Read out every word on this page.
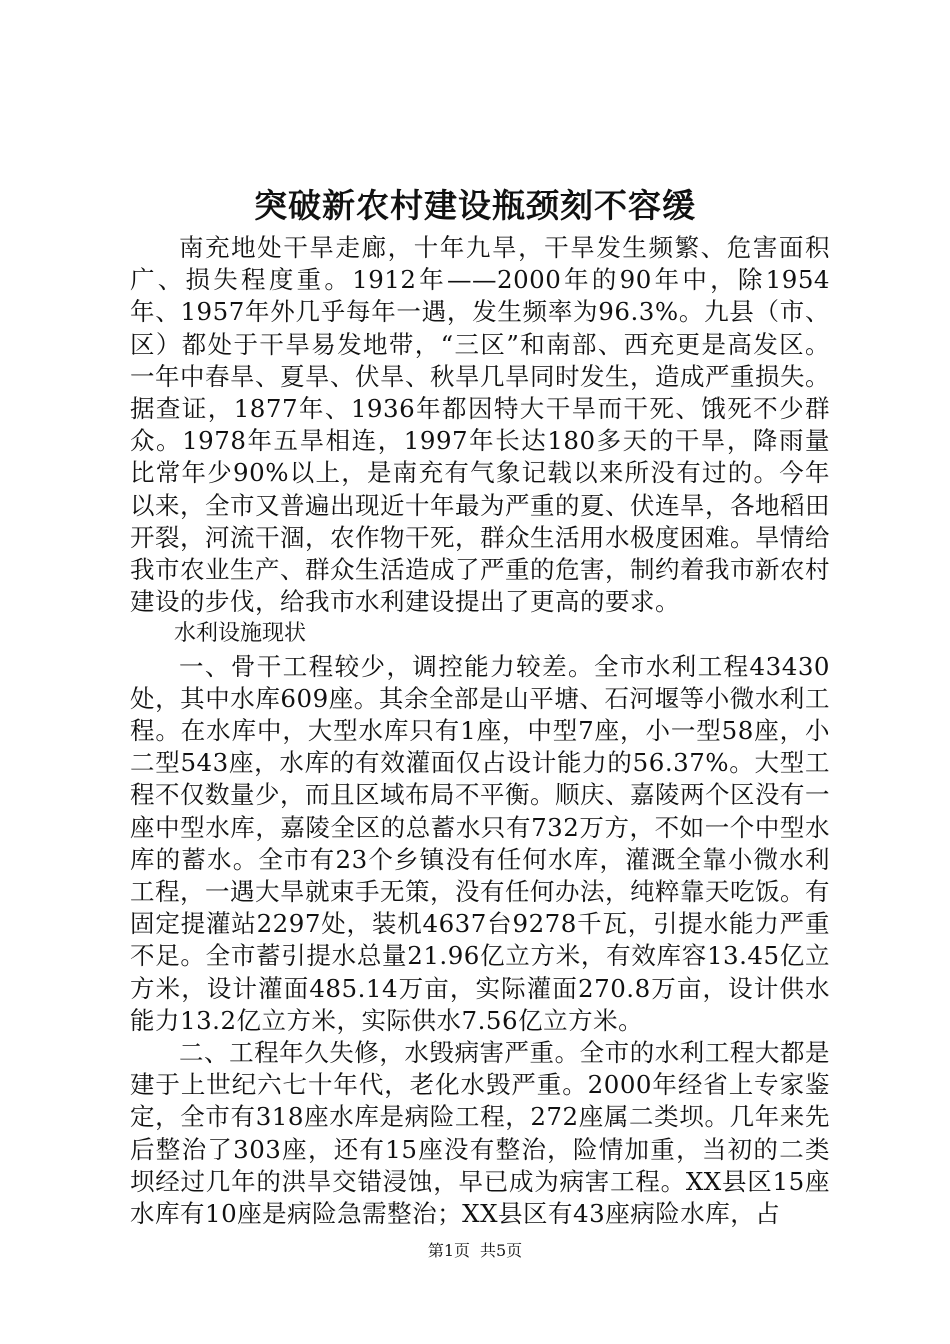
突破新农村建设瓶颈刻不容缓

南充地处干旱走廊，十年九旱，干旱发生频繁、危害面积广、损失程度重。1912年——2000年的90年中，除1954年、1957年外几乎每年一遇，发生频率为96.3%。九县（市、区）都处于干旱易发地带，“三区”和南部、西充更是高发区。一年中春旱、夏旱、伏旱、秋旱几旱同时发生，造成严重损失。据查证，1877年、1936年都因特大干旱而干死、饿死不少群众。1978年五旱相连，1997年长达180多天的干旱，降雨量比常年少90%以上，是南充有气象记载以来所没有过的。今年以来，全市又普遍出现近十年最为严重的夏、伏连旱，各地稻田开裂，河流干涸，农作物干死，群众生活用水极度困难。旱情给我市农业生产、群众生活造成了严重的危害，制约着我市新农村建设的步伐，给我市水利建设提出了更高的要求。

水利设施现状

一、骨干工程较少，调控能力较差。全市水利工程43430处，其中水库609座。其余全部是山平塘、石河堰等小微水利工程。在水库中，大型水库只有1座，中型7座，小一型58座，小二型543座，水库的有效灌面仅占设计能力的56.37%。大型工程不仅数量少，而且区域布局不平衡。顺庆、嘉陵两个区没有一座中型水库，嘉陵全区的总蓄水只有732万方，不如一个中型水库的蓄水。全市有23个乡镇没有任何水库，灌溉全靠小微水利工程，一遇大旱就束手无策，没有任何办法，纯粹靠天吃饭。有固定提灌站2297处，装机4637台9278千瓦，引提水能力严重不足。全市蓄引提水总量21.96亿立方米，有效库容13.45亿立方米，设计灌面485.14万亩，实际灌面270.8万亩，设计供水能力13.2亿立方米，实际供水7.56亿立方米。

二、工程年久失修，水毁病害严重。全市的水利工程大都是建于上世纪六七十年代，老化水毁严重。2000年经省上专家鉴定，全市有318座水库是病险工程，272座属二类坝。几年来先后整治了303座，还有15座没有整治，险情加重，当初的二类坝经过几年的洪旱交错浸蚀，早已成为病害工程。XX县区15座水库有10座是病险急需整治；XX县区有43座病险水库，占

第1页 共5页
